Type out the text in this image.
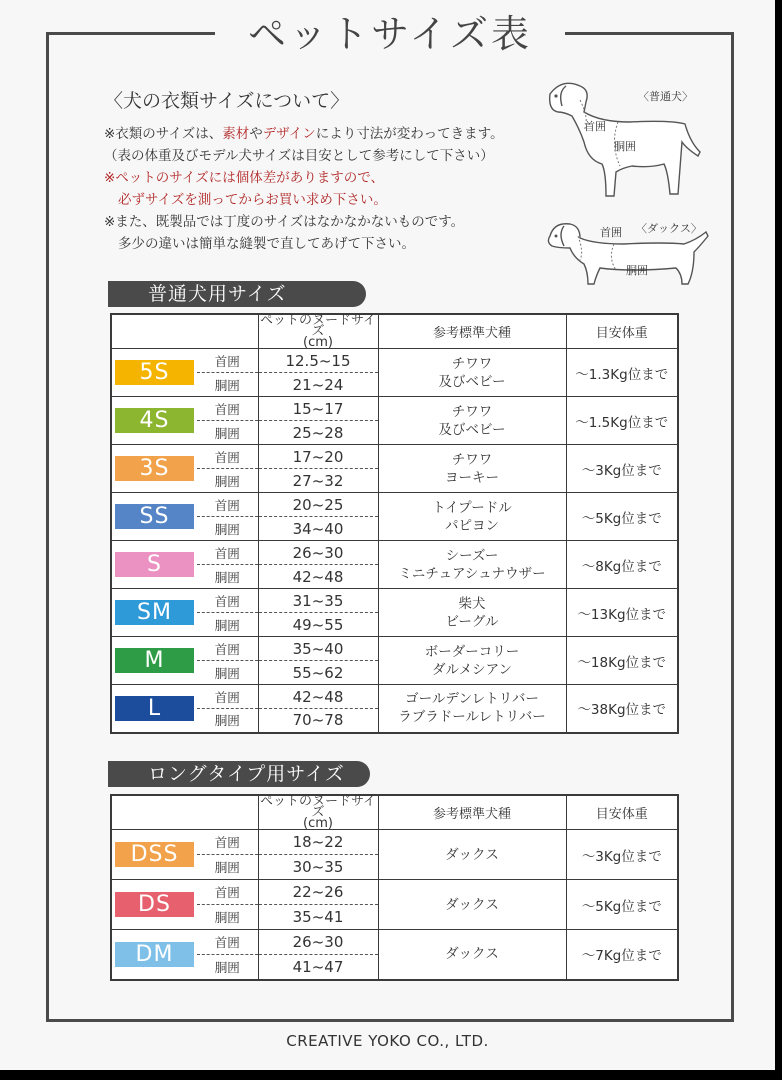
ペットサイズ表
〈犬の衣類サイズについて〉
※衣類のサイズは、素材やデザインにより寸法が変わってきます。
（表の体重及びモデル犬サイズは目安として参考にして下さい）
※ペットのサイズには個体差がありますので、
必ずサイズを測ってからお買い求め下さい。
※また、既製品では丁度のサイズはなかなかないものです。
多少の違いは簡単な縫製で直してあげて下さい。
〈普通犬〉
首囲
胴囲
首囲 〈ダックス〉
胴囲
普通犬用サイズ
		ペットのヌードサイズ
(cm)	参考標準犬種	目安体重

5S	首囲	12.5~15	チワワ
及びベビー	～1.3Kg位まで
	胴囲	21~24		

4S	首囲	15~17	チワワ
及びベビー	～1.5Kg位まで
	胴囲	25~28		

3S	首囲	17~20	チワワ
ヨーキー	～3Kg位まで
	胴囲	27~32		

SS	首囲	20~25	トイプードル
パピヨン	～5Kg位まで
	胴囲	34~40		

S	首囲	26~30	シーズー
ミニチュアシュナウザー	～8Kg位まで
	胴囲	42~48		

SM	首囲	31~35	柴犬
ビーグル	～13Kg位まで
	胴囲	49~55		

M	首囲	35~40	ボーダーコリー
ダルメシアン	～18Kg位まで
	胴囲	55~62		

L	首囲	42~48	ゴールデンレトリバー
ラブラドールレトリバー	～38Kg位まで
	胴囲	70~78		
ロングタイプ用サイズ
		ペットのヌードサイズ
(cm)	参考標準犬種	目安体重

DSS	首囲	18~22	ダックス	～3Kg位まで
	胴囲	30~35		

DS	首囲	22~26	ダックス	～5Kg位まで
	胴囲	35~41		

DM	首囲	26~30	ダックス	～7Kg位まで
	胴囲	41~47		
CREATIVE YOKO CO., LTD.
